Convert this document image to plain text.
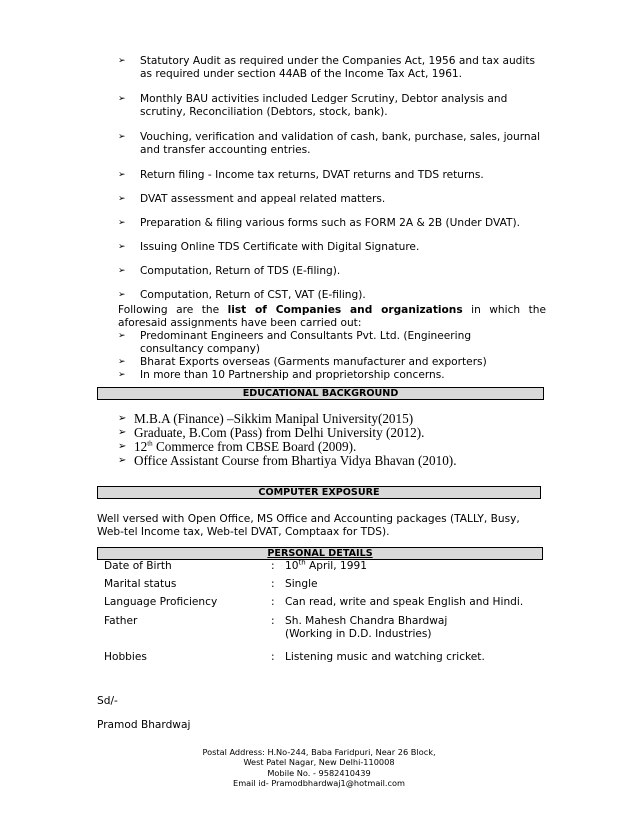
➢ Statutory Audit as required under the Companies Act, 1956 and tax audits as required under section 44AB of the Income Tax Act, 1961.
➢ Monthly BAU activities included Ledger Scrutiny, Debtor analysis and scrutiny, Reconciliation (Debtors, stock, bank).
➢ Vouching, verification and validation of cash, bank, purchase, sales, journal and transfer accounting entries.
➢ Return filing - Income tax returns, DVAT returns and TDS returns.
➢ DVAT assessment and appeal related matters.
➢ Preparation & filing various forms such as FORM 2A & 2B (Under DVAT).
➢ Issuing Online TDS Certificate with Digital Signature.
➢ Computation, Return of TDS (E-filing).
➢ Computation, Return of CST, VAT (E-filing).
Following are the list of Companies and organizations in which the aforesaid assignments have been carried out:
➢ Predominant Engineers and Consultants Pvt. Ltd. (Engineering consultancy company)
➢ Bharat Exports overseas (Garments manufacturer and exporters)
➢ In more than 10 Partnership and proprietorship concerns.
EDUCATIONAL BACKGROUND
➢ M.B.A (Finance) –Sikkim Manipal University(2015)
➢ Graduate, B.Com (Pass) from Delhi University (2012).
➢ 12th Commerce from CBSE Board (2009).
➢ Office Assistant Course from Bhartiya Vidya Bhavan (2010).
COMPUTER EXPOSURE
Well versed with Open Office, MS Office and Accounting packages (TALLY, Busy, Web-tel Income tax, Web-tel DVAT, Comptaax for TDS).
PERSONAL DETAILS
Date of Birth	: 10th April, 1991
Marital status	: Single
Language Proficiency	: Can read, write and speak English and Hindi.
Father	: Sh. Mahesh Chandra Bhardwaj
(Working in D.D. Industries)
Hobbies	: Listening music and watching cricket.
Sd/-
Pramod Bhardwaj
Postal Address: H.No-244, Baba Faridpuri, Near 26 Block,
West Patel Nagar, New Delhi-110008
Mobile No. - 9582410439
Email id- Pramodbhardwaj1@hotmail.com
